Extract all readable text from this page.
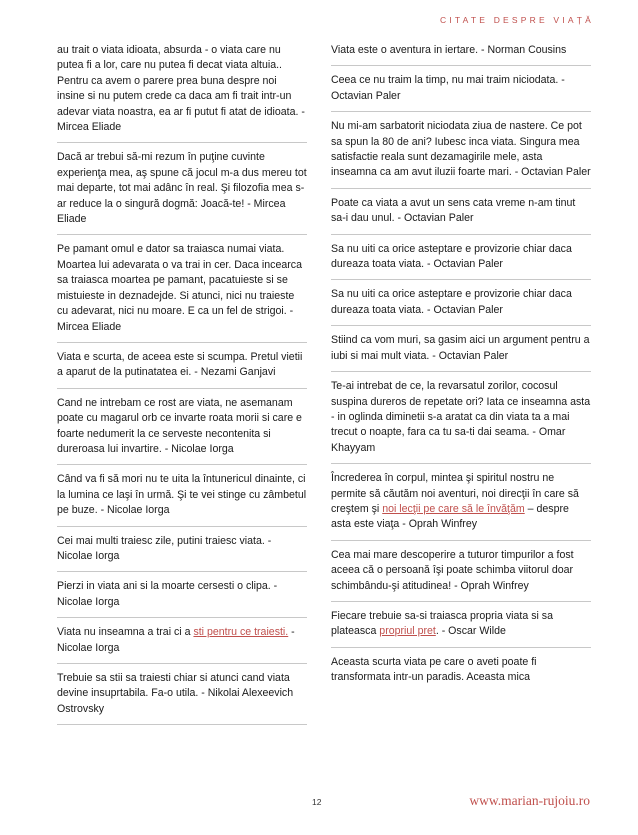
CITATE DESPRE VIAȚĂ
au trait o viata idioata, absurda - o viata care nu putea fi a lor, care nu putea fi decat viata altuia.. Pentru ca avem o parere prea buna despre noi insine si nu putem crede ca daca am fi trait intr-un adevar viata noastra, ea ar fi putut fi atat de idioata. - Mircea Eliade
Dacă ar trebui să-mi rezum în puţine cuvinte experienţa mea, aş spune că jocul m-a dus mereu tot mai departe, tot mai adânc în real. Şi filozofia mea s-ar reduce la o singură dogmă: Joacă-te! - Mircea Eliade
Pe pamant omul e dator sa traiasca numai viata. Moartea lui adevarata o va trai in cer. Daca incearca sa traiasca moartea pe pamant, pacatuieste si se mistuieste in deznadejde. Si atunci, nici nu traieste cu adevarat, nici nu moare. E ca un fel de strigoi. - Mircea Eliade
Viata e scurta, de aceea este si scumpa. Pretul vietii a aparut de la putinatatea ei. - Nezami Ganjavi
Cand ne intrebam ce rost are viata, ne asemanam poate cu magarul orb ce invarte roata morii si care e foarte nedumerit la ce serveste necontenita si dureroasa lui invartire. - Nicolae Iorga
Când va fi să mori nu te uita la întunericul dinainte, ci la lumina ce laşi în urmă. Şi te vei stinge cu zâmbetul pe buze. - Nicolae Iorga
Cei mai multi traiesc zile, putini traiesc viata. - Nicolae Iorga
Pierzi in viata ani si la moarte cersesti o clipa. - Nicolae Iorga
Viata nu inseamna a trai ci a sti pentru ce traiesti. - Nicolae Iorga
Trebuie sa stii sa traiesti chiar si atunci cand viata devine insuprtabila. Fa-o utila. - Nikolai Alexeevich Ostrovsky
Viata este o aventura in iertare. - Norman Cousins
Ceea ce nu traim la timp, nu mai traim niciodata. - Octavian Paler
Nu mi-am sarbatorit niciodata ziua de nastere. Ce pot sa spun la 80 de ani? Iubesc inca viata. Singura mea satisfactie reala sunt dezamagirile mele, asta inseamna ca am avut iluzii foarte mari. - Octavian Paler
Poate ca viata a avut un sens cata vreme n-am tinut sa-i dau unul. - Octavian Paler
Sa nu uiti ca orice asteptare e provizorie chiar daca dureaza toata viata. - Octavian Paler
Sa nu uiti ca orice asteptare e provizorie chiar daca dureaza toata viata. - Octavian Paler
Stiind ca vom muri, sa gasim aici un argument pentru a iubi si mai mult viata. - Octavian Paler
Te-ai intrebat de ce, la revarsatul zorilor, cocosul suspina dureros de repetate ori? Iata ce inseamna asta - in oglinda diminetii s-a aratat ca din viata ta a mai trecut o noapte, fara ca tu sa-ti dai seama. - Omar Khayyam
Încrederea în corpul, mintea şi spiritul nostru ne permite să căutăm noi aventuri, noi direcţii în care să creştem şi noi lecţii pe care să le învăţăm – despre asta este viaţa - Oprah Winfrey
Cea mai mare descoperire a tuturor timpurilor a fost aceea că o persoană îşi poate schimba viitorul doar schimbându-şi atitudinea! - Oprah Winfrey
Fiecare trebuie sa-si traiasca propria viata si sa plateasca propriul pret. - Oscar Wilde
Aceasta scurta viata pe care o aveti poate fi transformata intr-un paradis. Aceasta mica
12	www.marian-rujoiu.ro
